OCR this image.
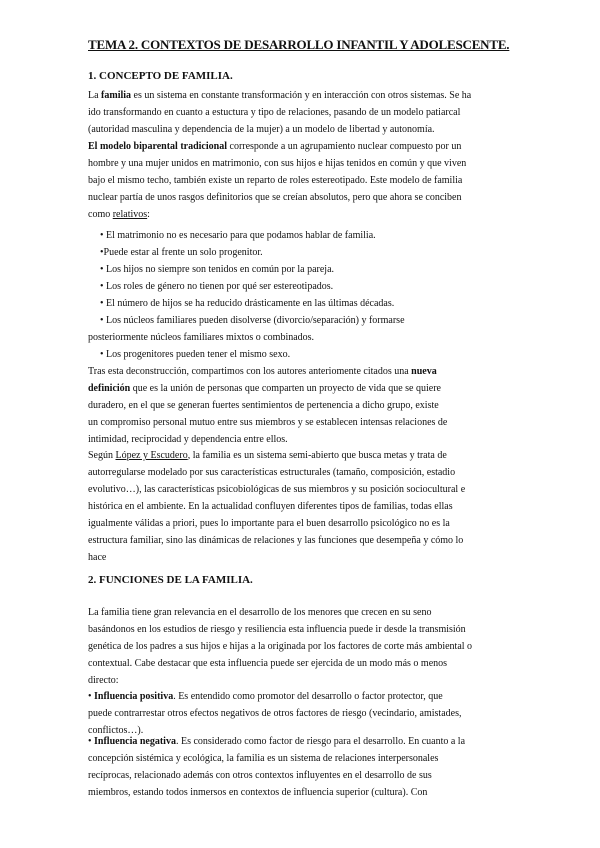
TEMA 2. CONTEXTOS DE DESARROLLO INFANTIL Y ADOLESCENTE.
1. CONCEPTO DE FAMILIA.
La familia es un sistema en constante transformación y en interacción con otros sistemas. Se ha
ido transformando en cuanto a estuctura y tipo de relaciones, pasando de un modelo patiarcal
(autoridad masculina y dependencia de la mujer) a un modelo de libertad y autonomía.
El modelo biparental tradicional corresponde a un agrupamiento nuclear compuesto por un
hombre y una mujer unidos en matrimonio, con sus hijos e hijas tenidos en común y que viven
bajo el mismo techo, también existe un reparto de roles estereotipado. Este modelo de familia
nuclear partía de unos rasgos definitorios que se creían absolutos, pero que ahora se conciben
como relativos:
• El matrimonio no es necesario para que podamos hablar de familia.
•Puede estar al frente un solo progenitor.
• Los hijos no siempre son tenidos en común por la pareja.
• Los roles de género no tienen por qué ser estereotipados.
• El número de hijos se ha reducido drásticamente en las últimas décadas.
• Los núcleos familiares pueden disolverse (divorcio/separación) y formarse
posteriormente núcleos familiares mixtos o combinados.
• Los progenitores pueden tener el mismo sexo.
Tras esta deconstrucción, compartimos con los autores anteriomente citados una nueva
definición que es la unión de personas que comparten un proyecto de vida que se quiere
duradero, en el que se generan fuertes sentimientos de pertenencia a dicho grupo, existe
un compromiso personal mutuo entre sus miembros y se establecen intensas relaciones de
intimidad, reciprocidad y dependencia entre ellos.
Según López y Escudero, la familia es un sistema semi-abierto que busca metas y trata de
autorregularse modelado por sus características estructurales (tamaño, composición, estadio
evolutivo…), las características psicobiológicas de sus miembros y su posición sociocultural e
histórica en el ambiente. En la actualidad confluyen diferentes tipos de familias, todas ellas
igualmente válidas a priori, pues lo importante para el buen desarrollo psicológico no es la
estructura familiar, sino las dinámicas de relaciones y las funciones que desempeña y cómo lo
hace
2. FUNCIONES DE LA FAMILIA.
La familia tiene gran relevancia en el desarrollo de los menores que crecen en su seno
basándonos en los estudios de riesgo y resiliencia esta influencia puede ir desde la transmisión
genética de los padres a sus hijos e hijas a la originada por los factores de corte más ambiental o
contextual. Cabe destacar que esta influencia puede ser ejercida de un modo más o menos
directo:
• Influencia positiva. Es entendido como promotor del desarrollo o factor protector, que
puede contrarrestar otros efectos negativos de otros factores de riesgo (vecindario, amistades,
conflictos…).
• Influencia negativa. Es considerado como factor de riesgo para el desarrollo. En cuanto a la
concepción sistémica y ecológica, la familia es un sistema de relaciones interpersonales
recíprocas, relacionado además con otros contextos influyentes en el desarrollo de sus
miembros, estando todos inmersos en contextos de influencia superior (cultura). Con
